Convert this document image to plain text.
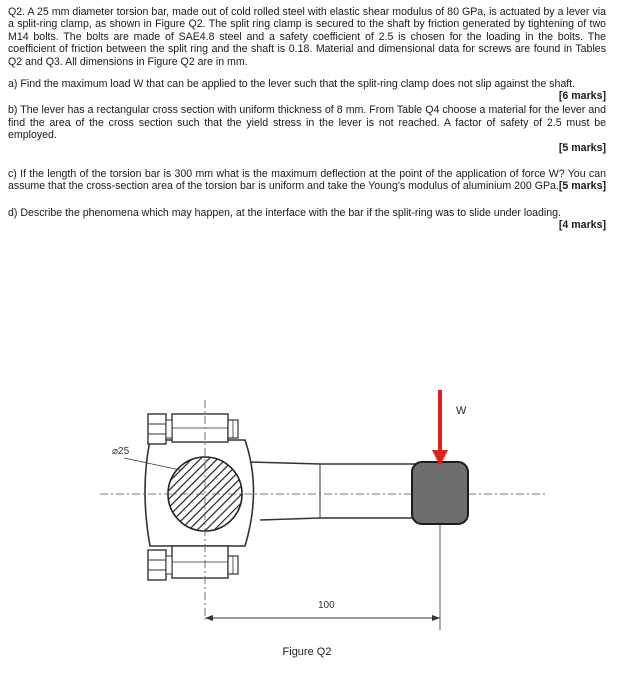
Q2. A 25 mm diameter torsion bar, made out of cold rolled steel with elastic shear modulus of 80 GPa, is actuated by a lever via a split-ring clamp, as shown in Figure Q2. The split ring clamp is secured to the shaft by friction generated by tightening of two M14 bolts. The bolts are made of SAE4.8 steel and a safety coefficient of 2.5 is chosen for the loading in the bolts. The coefficient of friction between the split ring and the shaft is 0.18. Material and dimensional data for screws are found in Tables Q2 and Q3. All dimensions in Figure Q2 are in mm.

a) Find the maximum load W that can be applied to the lever such that the split-ring clamp does not slip against the shaft.
[6 marks]
b) The lever has a rectangular cross section with uniform thickness of 8 mm. From Table Q4 choose a material for the lever and find the area of the cross section such that the yield stress in the lever is not reached. A factor of safety of 2.5 must be employed.
[5 marks]
c) If the length of the torsion bar is 300 mm what is the maximum deflection at the point of the application of force W? You can assume that the cross-section area of the torsion bar is uniform and take the Young's modulus of aluminium 200 GPa. [5 marks]
d) Describe the phenomena which may happen, at the interface with the bar if the split-ring was to slide under loading.
[4 marks]
⌀25
W
100
Figure Q2
